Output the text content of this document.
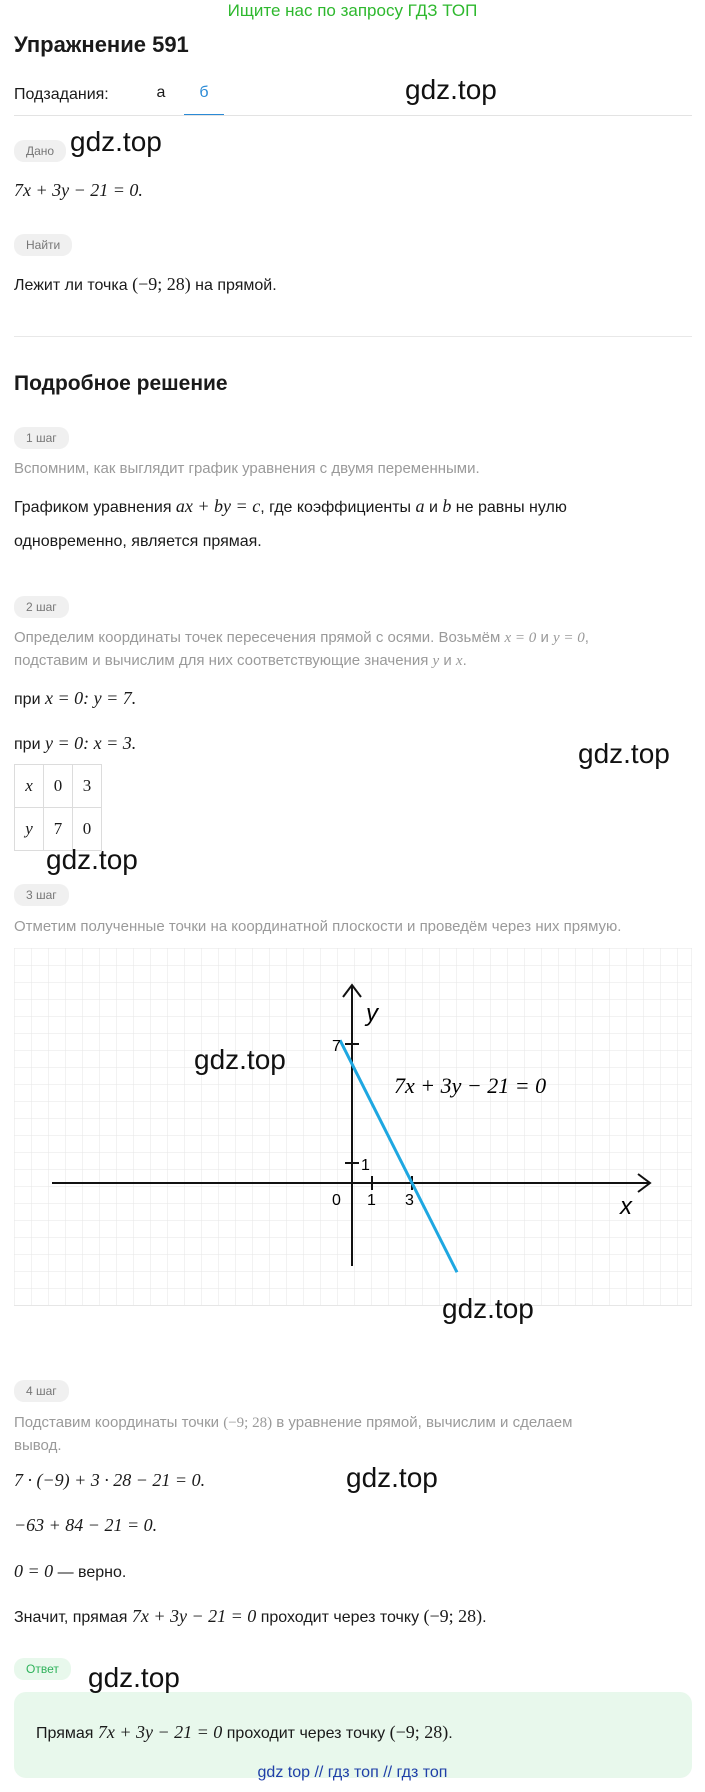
Ищите нас по запросу ГДЗ ТОП
Упражнение 591
Подзадания:	а	б	gdz.top
Дано gdz.top
7x + 3y − 21 = 0.
Найти
Лежит ли точка (−9; 28) на прямой.
Подробное решение
1 шаг
Вспомним, как выглядит график уравнения с двумя переменными.
Графиком уравнения ax + by = c, где коэффициенты a и b не равны нулю
одновременно, является прямая.
2 шаг
Определим координаты точек пересечения прямой с осями. Возьмём x = 0 и y = 0,
подставим и вычислим для них соответствующие значения y и x.
при x = 0: y = 7.
при y = 0: x = 3.	gdz.top
x	0	3
y	7	0
gdz.top
3 шаг
Отметим полученные точки на координатной плоскости и проведём через них прямую.
y
x
7
1
0 1 3
7x + 3y − 21 = 0
gdz.top
gdz.top
4 шаг
Подставим координаты точки (−9; 28) в уравнение прямой, вычислим и сделаем
вывод.
7 · (−9) + 3 · 28 − 21 = 0.	gdz.top
−63 + 84 − 21 = 0.
0 = 0 — верно.
Значит, прямая 7x + 3y − 21 = 0 проходит через точку (−9; 28).
Ответ	gdz.top
Прямая 7x + 3y − 21 = 0 проходит через точку (−9; 28).
gdz top // гдз топ // гдз топ
